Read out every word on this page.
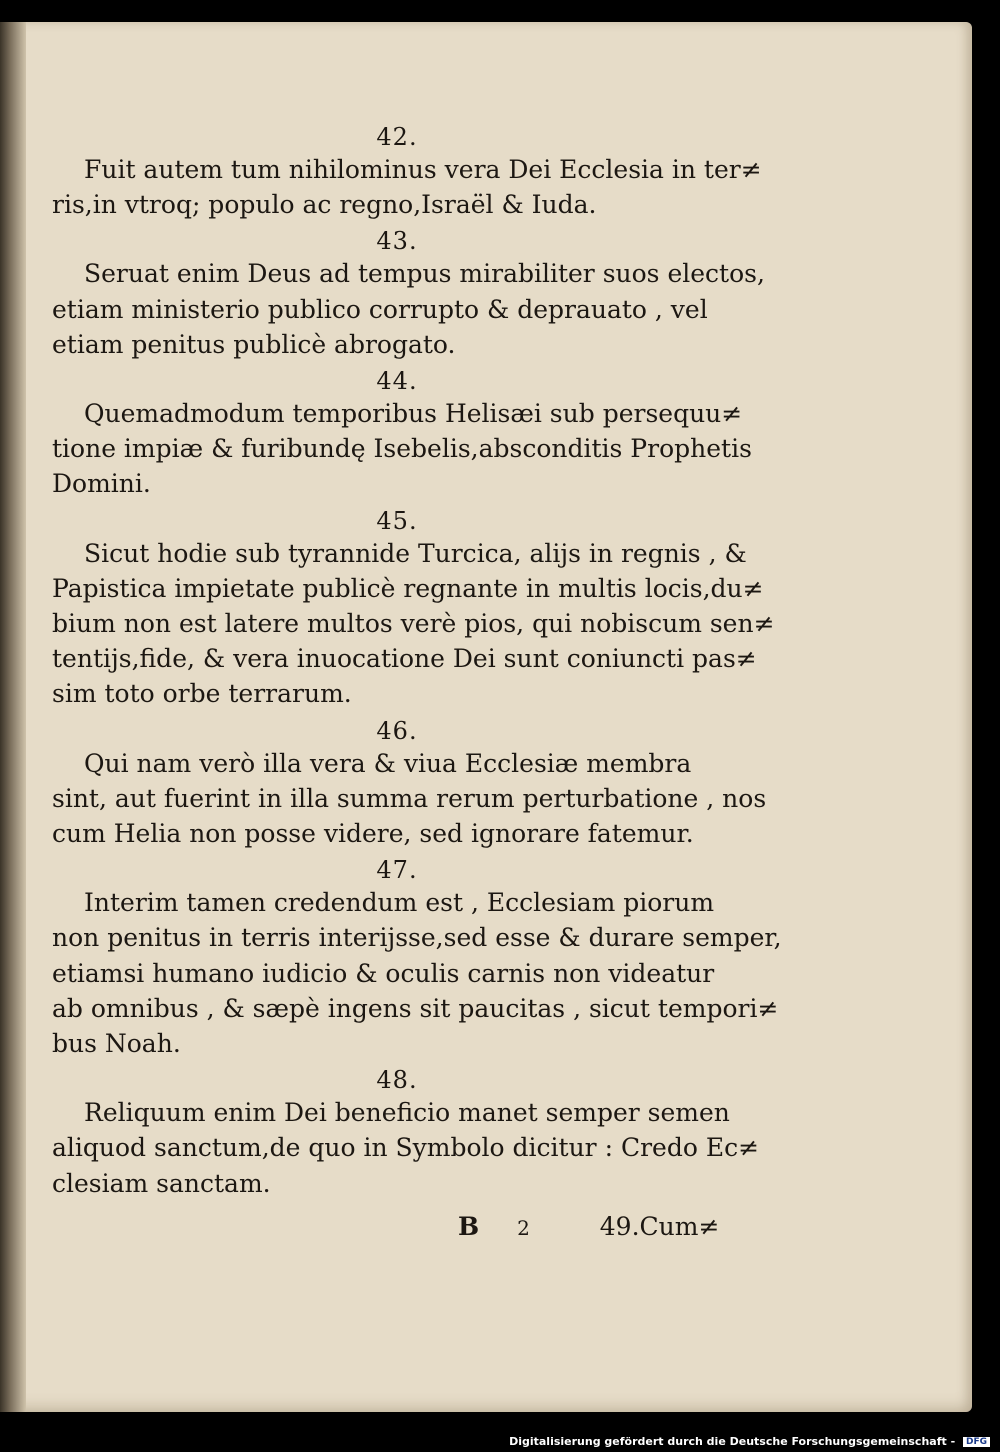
42.
Fuit autem tum nihilominus vera Dei Ecclesia in ter≠
ris,in vtroq; populo ac regno,Israël & Iuda.
43.
Seruat enim Deus ad tempus mirabiliter suos electos,
etiam ministerio publico corrupto & deprauato , vel
etiam penitus publicè abrogato.
44.
Quemadmodum temporibus Helisæi sub persequu≠
tione impiæ & furibundę Isebelis,absconditis Prophetis
Domini.
45.
Sicut hodie sub tyrannide Turcica, alijs in regnis , &
Papistica impietate publicè regnante in multis locis,du≠
bium non est latere multos verè pios, qui nobiscum sen≠
tentijs,fide, & vera inuocatione Dei sunt coniuncti pas≠
sim toto orbe terrarum.
46.
Qui nam verò illa vera & viua Ecclesiæ membra
sint, aut fuerint in illa summa rerum perturbatione , nos
cum Helia non posse videre, sed ignorare fatemur.
47.
Interim tamen credendum est , Ecclesiam piorum
non penitus in terris interijsse,sed esse & durare semper,
etiamsi humano iudicio & oculis carnis non videatur
ab omnibus , & sæpè ingens sit paucitas , sicut tempori≠
bus Noah.
48.
Reliquum enim Dei beneficio manet semper semen
aliquod sanctum,de quo in Symbolo dicitur : Credo Ec≠
clesiam sanctam.
B 2	49.Cum≠
Digitalisierung gefördert durch die Deutsche Forschungsgemeinschaft - DFG
